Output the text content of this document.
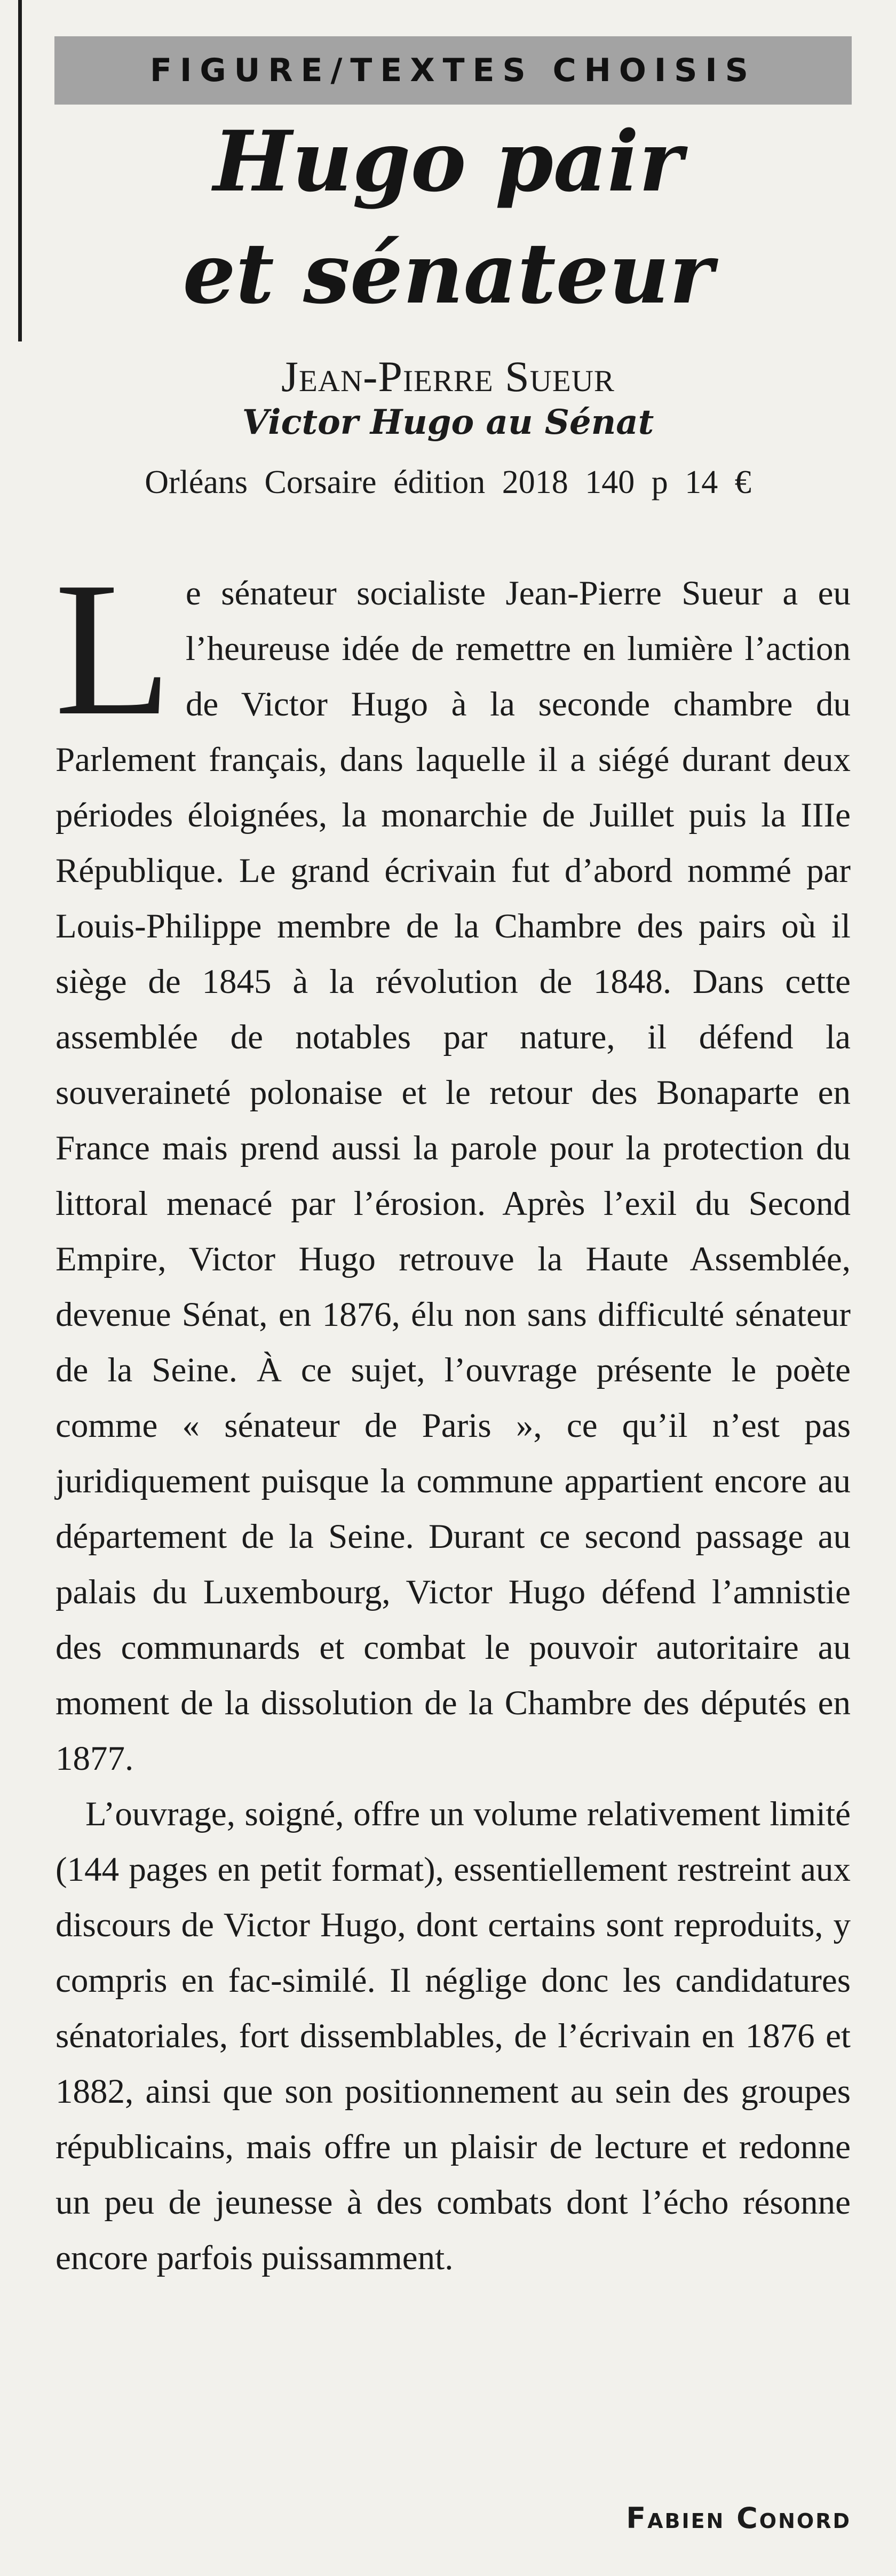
FIGURE/TEXTES CHOISIS
Hugo pair
et sénateur
Jean-Pierre Sueur
Victor Hugo au Sénat
Orléans Corsaire édition 2018 140 p 14 €

Le sénateur socialiste Jean-Pierre Sueur a eu l’heureuse idée de remettre en lumière l’action de Victor Hugo à la seconde chambre du Parlement français, dans laquelle il a siégé durant deux périodes éloignées, la monarchie de Juillet puis la IIIe République. Le grand écrivain fut d’abord nommé par Louis-Philippe membre de la Chambre des pairs où il siège de 1845 à la révolution de 1848. Dans cette assemblée de notables par nature, il défend la souveraineté polonaise et le retour des Bonaparte en France mais prend aussi la parole pour la protection du littoral menacé par l’érosion. Après l’exil du Second Empire, Victor Hugo retrouve la Haute Assemblée, devenue Sénat, en 1876, élu non sans difficulté sénateur de la Seine. À ce sujet, l’ouvrage présente le poète comme « sénateur de Paris », ce qu’il n’est pas juridiquement puisque la commune appartient encore au département de la Seine. Durant ce second passage au palais du Luxembourg, Victor Hugo défend l’amnistie des communards et combat le pouvoir autoritaire au moment de la dissolution de la Chambre des députés en 1877.

L’ouvrage, soigné, offre un volume relativement limité (144 pages en petit format), essentiellement restreint aux discours de Victor Hugo, dont certains sont reproduits, y compris en fac-similé. Il néglige donc les candidatures sénatoriales, fort dissemblables, de l’écrivain en 1876 et 1882, ainsi que son positionnement au sein des groupes républicains, mais offre un plaisir de lecture et redonne un peu de jeunesse à des combats dont l’écho résonne encore parfois puissamment.

Fabien Conord
